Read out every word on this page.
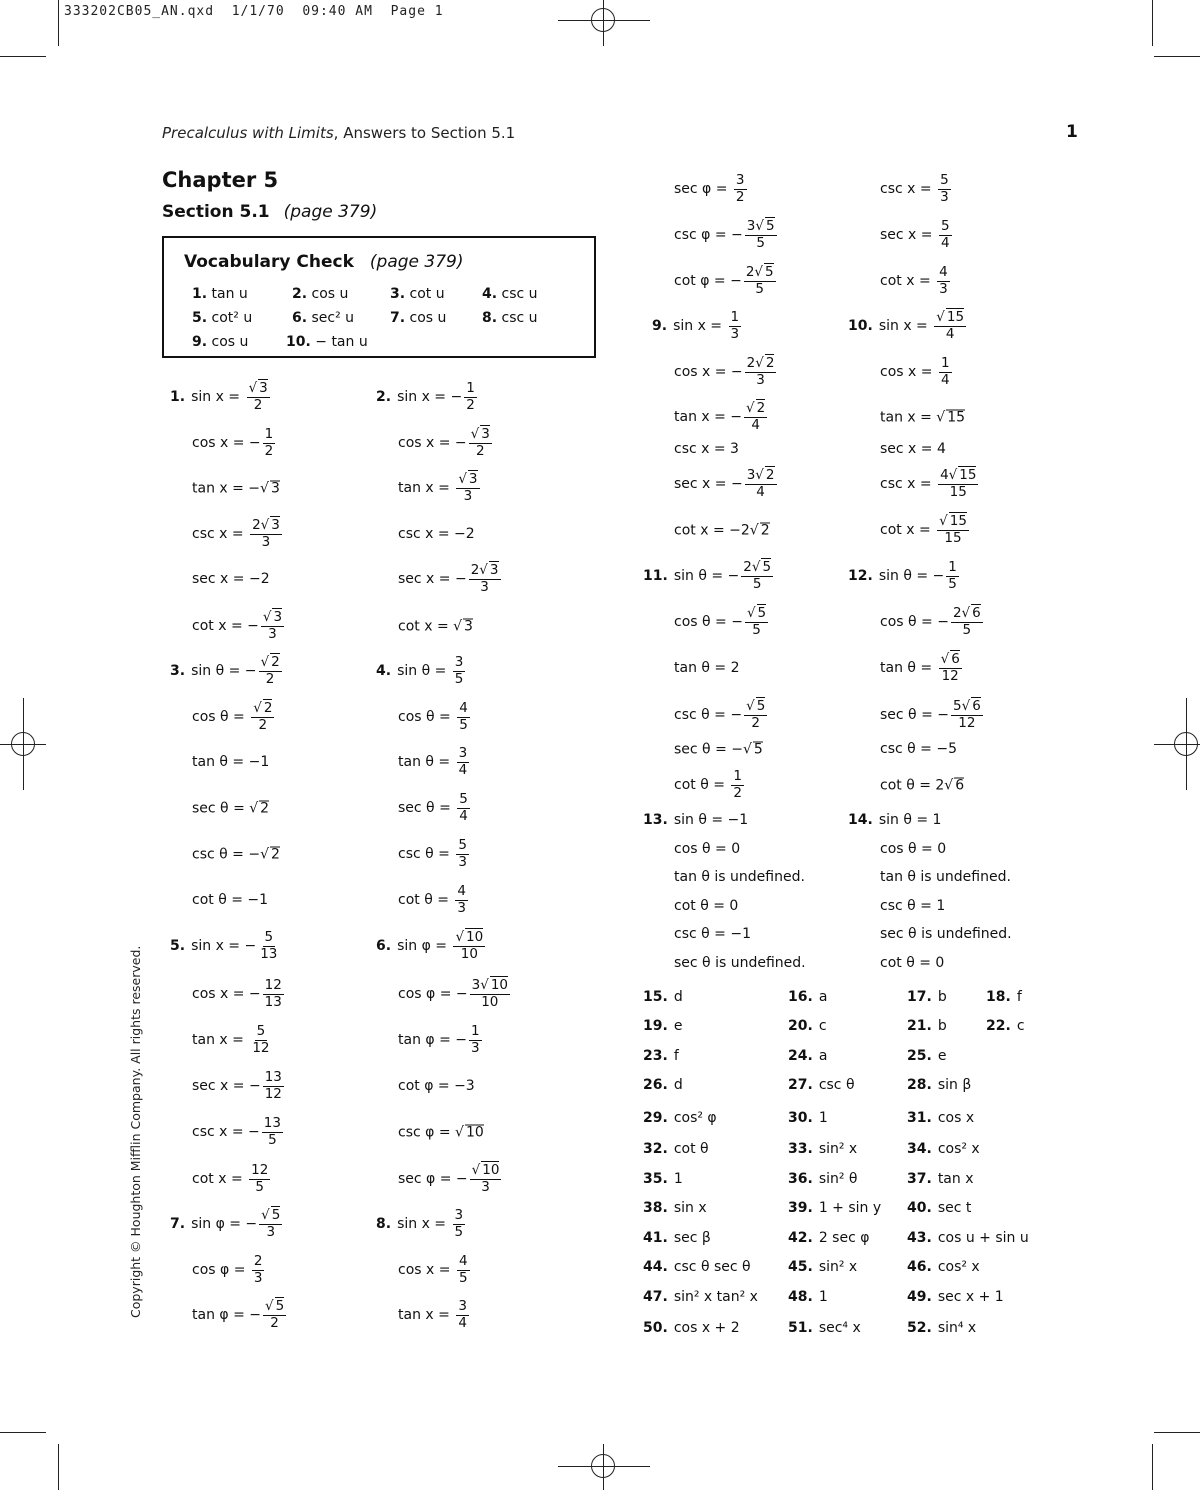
333202CB05_AN.qxd  1/1/70  09:40 AM  Page 1
Precalculus with Limits, Answers to Section 5.1	1
Chapter 5
Section 5.1 (page 379)
Vocabulary Check (page 379)
1. tan u	2. cos u	3. cot u	4. csc u
5. cot² u	6. sec² u	7. cos u	8. csc u
9. cos u	10. − tan u
Copyright © Houghton Mifflin Company. All rights reserved.
1. $\sin x = \frac{√ 3}{2}$
cos x = − $\frac{1}{2}$
tan x = −√ 3
$\csc x = \frac{2√ 3}{3}$
sec x = −2
cot x = − $\frac{√ 3}{3}$
2. sin x = − $\frac{1}{2}$
cos x = − $\frac{√ 3}{2}$
$\tan x = \frac{√ 3}{3}$
csc x = −2
sec x = − $\frac{2√ 3}{3}$
cot x = √ 3
3. sin θ = − $\frac{√ 2}{2}$
$\cos \theta = \frac{√ 2}{2}$
tan θ = −1
sec θ = √ 2
csc θ = −√ 2
cot θ = −1
4. $\sin \theta = \frac{3}{5}$
$\cos \theta = \frac{4}{5}$
$\tan \theta = \frac{3}{4}$
$\sec \theta = \frac{5}{4}$
$\csc \theta = \frac{5}{3}$
$\cot \theta = \frac{4}{3}$
5. sin x = − $\frac{5}{13}$
cos x = − $\frac{12}{13}$
$\tan x = \frac{5}{12}$
sec x = − $\frac{13}{12}$
csc x = − $\frac{13}{5}$
$\cot x = \frac{12}{5}$
6. $\sin \varphi = \frac{√ 10}{10}$
cos φ = − $\frac{3√ 10}{10}$
tan φ = − $\frac{1}{3}$
cot φ = −3
csc φ = √ 10
sec φ = − $\frac{√ 10}{3}$
7. sin φ = − $\frac{√ 5}{3}$
$\cos \varphi = \frac{2}{3}$
tan φ = − $\frac{√ 5}{2}$
$\sec \varphi = \frac{3}{2}$
csc φ = − $\frac{3√ 5}{5}$
cot φ = − $\frac{2√ 5}{5}$
8. $\sin x = \frac{3}{5}$
$\cos x = \frac{4}{5}$
$\tan x = \frac{3}{4}$
$\csc x = \frac{5}{3}$
$\sec x = \frac{5}{4}$
$\cot x = \frac{4}{3}$
9. $\sin x = \frac{1}{3}$
cos x = − $\frac{2√ 2}{3}$
tan x = − $\frac{√ 2}{4}$
csc x = 3
sec x = − $\frac{3√ 2}{4}$
cot x = −2√ 2
10. $\sin x = \frac{√ 15}{4}$
$\cos x = \frac{1}{4}$
tan x = √ 15
sec x = 4
$\csc x = \frac{4√ 15}{15}$
$\cot x = \frac{√ 15}{15}$
11. sin θ = − $\frac{2√ 5}{5}$
cos θ = − $\frac{√ 5}{5}$
tan θ = 2
csc θ = − $\frac{√ 5}{2}$
sec θ = −√ 5
$\cot \theta = \frac{1}{2}$
12. sin θ = − $\frac{1}{5}$
cos θ = − $\frac{2√ 6}{5}$
$\tan \theta = \frac{√ 6}{12}$
sec θ = − $\frac{5√ 6}{12}$
csc θ = −5
cot θ = 2√ 6
13. sin θ = −1
cos θ = 0
tan θ is undefined.
cot θ = 0
csc θ = −1
sec θ is undefined.
14. sin θ = 1
cos θ = 0
tan θ is undefined.
csc θ = 1
sec θ is undefined.
cot θ = 0
15. d	16. a	17. b	18. f
19. e	20. c	21. b	22. c
23. f	24. a	25. e
26. d	27. csc θ	28. sin β
29. cos² φ	30. 1	31. cos x
32. cot θ	33. sin² x	34. cos² x
35. 1	36. sin² θ	37. tan x
38. sin x	39. 1 + sin y 40. sec t
41. sec β	42. 2 sec φ	43. cos u + sin u
44. csc θ sec θ	45. sin² x	46. cos² x
47. sin² x tan² x 48. 1	49. sec x + 1
50. cos x + 2	51. sec⁴ x	52. sin⁴ x
